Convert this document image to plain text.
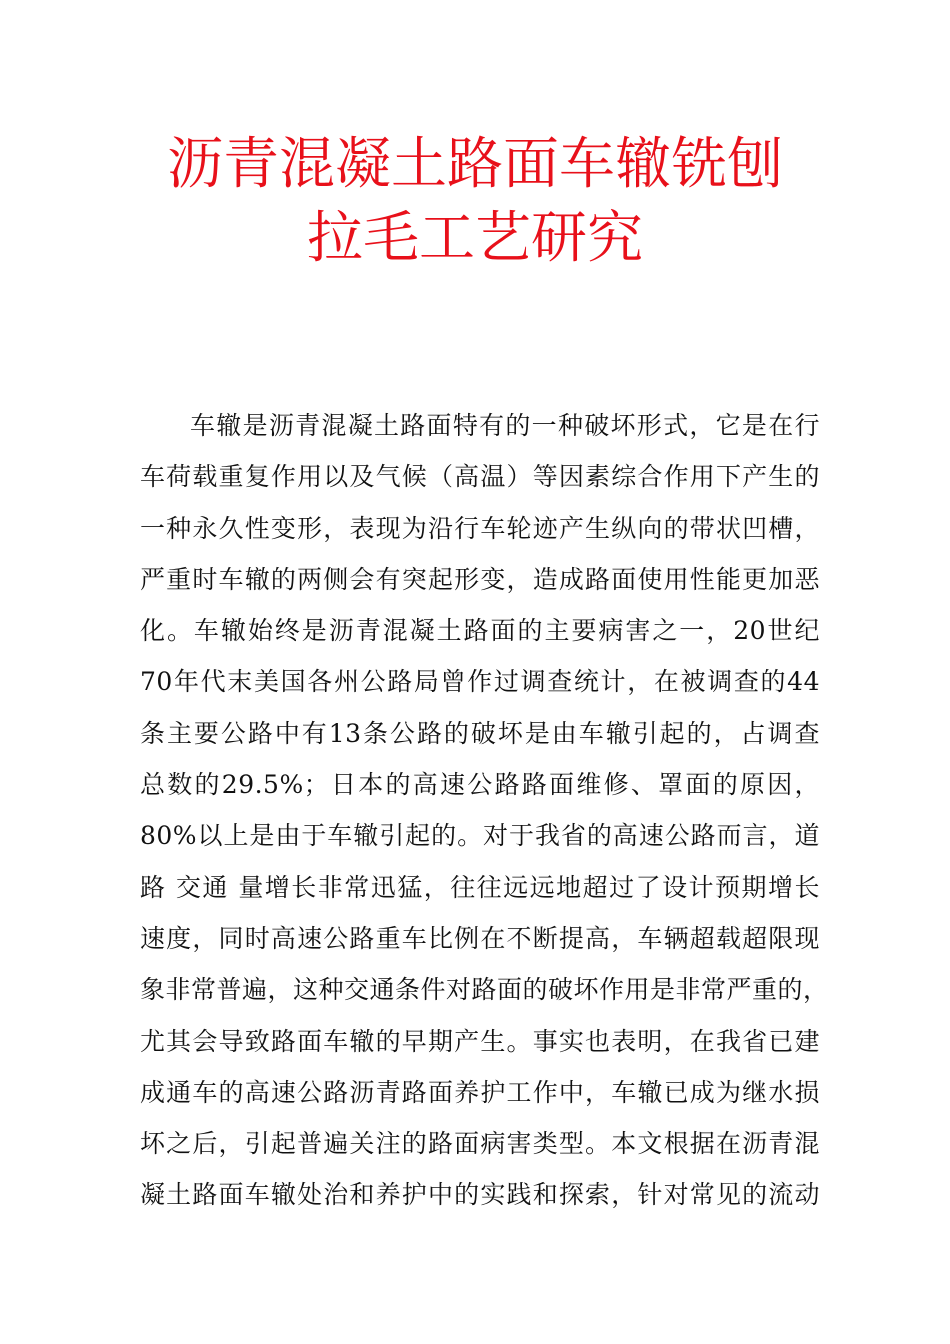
沥青混凝土路面车辙铣刨
拉毛工艺研究
车辙是沥青混凝土路面特有的一种破坏形式，它是在行
车荷载重复作用以及气候（高温）等因素综合作用下产生的
一种永久性变形，表现为沿行车轮迹产生纵向的带状凹槽，
严重时车辙的两侧会有突起形变，造成路面使用性能更加恶
化。车辙始终是沥青混凝土路面的主要病害之一，20世纪
70年代末美国各州公路局曾作过调查统计，在被调查的44
条主要公路中有13条公路的破坏是由车辙引起的，占调查
总数的29.5%；日本的高速公路路面维修、罩面的原因，
80%以上是由于车辙引起的。对于我省的高速公路而言，道
路 交通 量增长非常迅猛，往往远远地超过了设计预期增长
速度，同时高速公路重车比例在不断提高，车辆超载超限现
象非常普遍，这种交通条件对路面的破坏作用是非常严重的，
尤其会导致路面车辙的早期产生。事实也表明，在我省已建
成通车的高速公路沥青路面养护工作中，车辙已成为继水损
坏之后，引起普遍关注的路面病害类型。本文根据在沥青混
凝土路面车辙处治和养护中的实践和探索，针对常见的流动
